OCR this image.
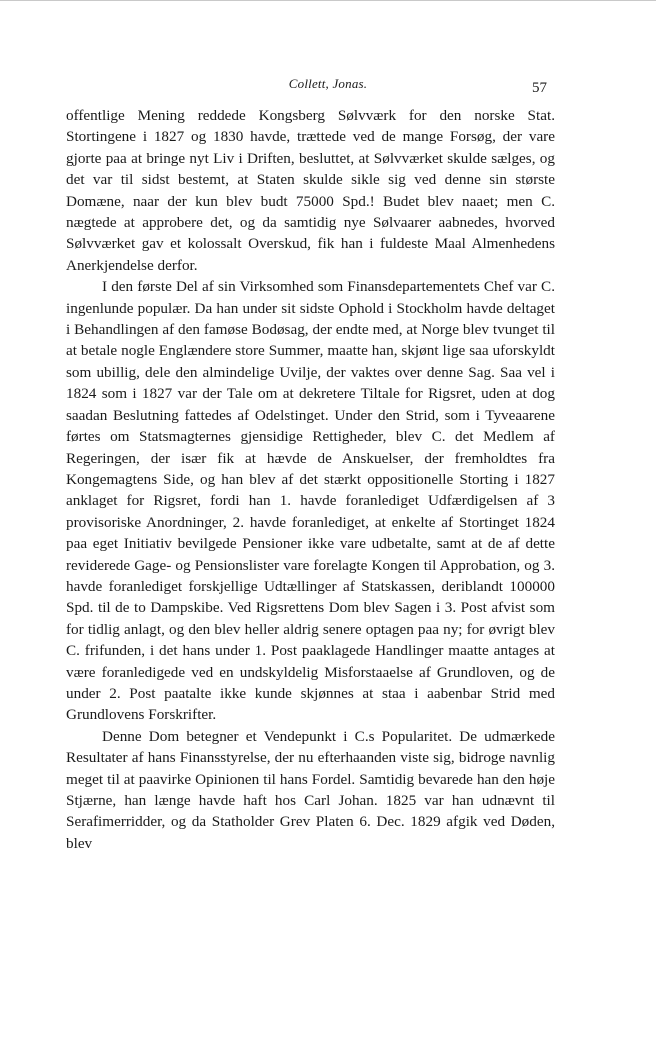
Collett, Jonas.	57

offentlige Mening reddede Kongsberg Sølvværk for den norske Stat. Stortingene i 1827 og 1830 havde, trættede ved de mange Forsøg, der vare gjorte paa at bringe nyt Liv i Driften, besluttet, at Sølvværket skulde sælges, og det var til sidst bestemt, at Staten skulde sikle sig ved denne sin største Domæne, naar der kun blev budt 75000 Spd.! Budet blev naaet; men C. nægtede at approbere det, og da samtidig nye Sølvaarer aabnedes, hvorved Sølvværket gav et kolossalt Overskud, fik han i fuldeste Maal Almenhedens Anerkjendelse derfor.

I den første Del af sin Virksomhed som Finansdepartementets Chef var C. ingenlunde populær. Da han under sit sidste Ophold i Stockholm havde deltaget i Behandlingen af den famøse Bodøsag, der endte med, at Norge blev tvunget til at betale nogle Englændere store Summer, maatte han, skjønt lige saa uforskyldt som ubillig, dele den almindelige Uvilje, der vaktes over denne Sag. Saa vel i 1824 som i 1827 var der Tale om at dekretere Tiltale for Rigsret, uden at dog saadan Beslutning fattedes af Odelstinget. Under den Strid, som i Tyveaarene førtes om Statsmagternes gjensidige Rettigheder, blev C. det Medlem af Regeringen, der især fik at hævde de Anskuelser, der fremholdtes fra Kongemagtens Side, og han blev af det stærkt oppositionelle Storting i 1827 anklaget for Rigsret, fordi han 1. havde foranlediget Udfærdigelsen af 3 provisoriske Anordninger, 2. havde foranlediget, at enkelte af Stortinget 1824 paa eget Initiativ bevilgede Pensioner ikke vare udbetalte, samt at de af dette reviderede Gage- og Pensionslister vare forelagte Kongen til Approbation, og 3. havde foranlediget forskjellige Udtællinger af Statskassen, deriblandt 100000 Spd. til de to Dampskibe. Ved Rigsrettens Dom blev Sagen i 3. Post afvist som for tidlig anlagt, og den blev heller aldrig senere optagen paa ny; for øvrigt blev C. frifunden, i det hans under 1. Post paaklagede Handlinger maatte antages at være foranledigede ved en undskyldelig Misforstaaelse af Grundloven, og de under 2. Post paatalte ikke kunde skjønnes at staa i aabenbar Strid med Grundlovens Forskrifter.

Denne Dom betegner et Vendepunkt i C.s Popularitet. De udmærkede Resultater af hans Finansstyrelse, der nu efterhaanden viste sig, bidroge navnlig meget til at paavirke Opinionen til hans Fordel. Samtidig bevarede han den høje Stjærne, han længe havde haft hos Carl Johan. 1825 var han udnævnt til Serafimerridder, og da Statholder Grev Platen 6. Dec. 1829 afgik ved Døden, blev
